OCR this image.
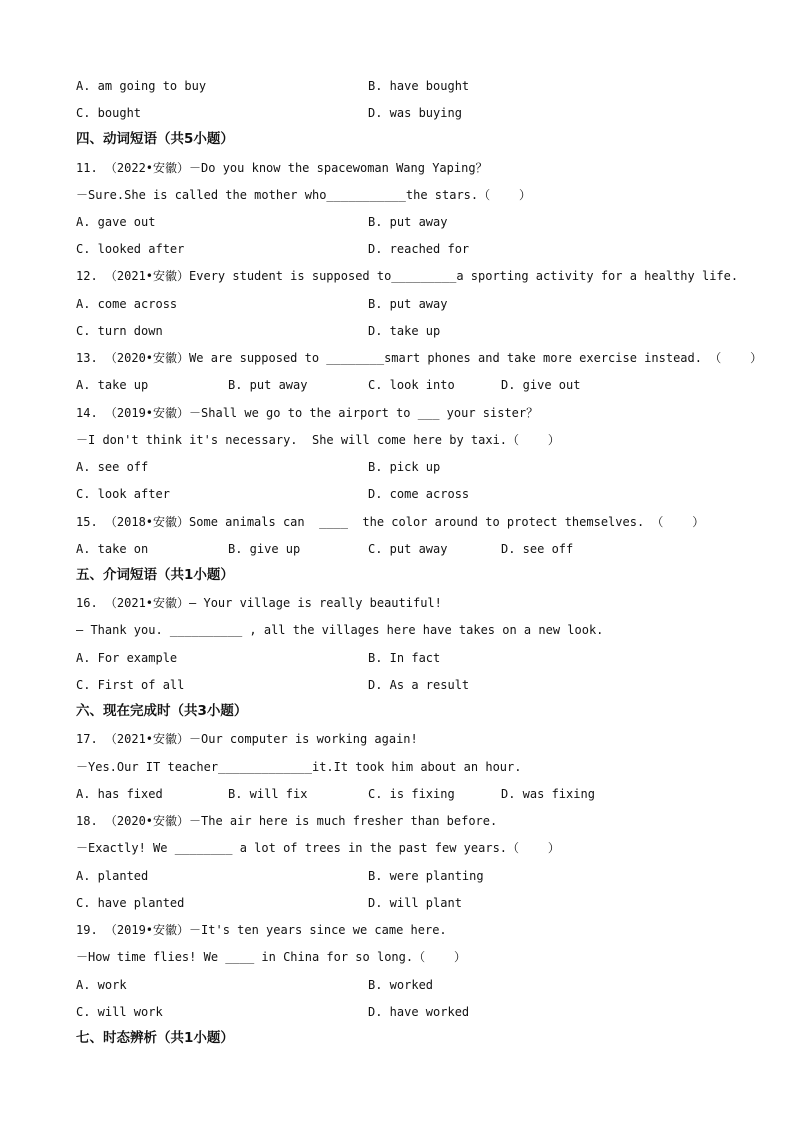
A. am going to buy	B. have bought
C. bought	D. was buying
四、动词短语（共5小题）
11. （2022•安徽）－Do you know the spacewoman Wang Yaping？
－Sure.She is called the mother who___________the stars.（    ）
A. gave out	B. put away
C. looked after	D. reached for
12. （2021•安徽）Every student is supposed to_________a sporting activity for a healthy life.
A. come across	B. put away
C. turn down	D. take up
13. （2020•安徽）We are supposed to ________smart phones and take more exercise instead. （    ）
A. take up	B. put away	C. look into	D. give out
14. （2019•安徽）－Shall we go to the airport to ___ your sister？
－I don't think it's necessary.  She will come here by taxi.（    ）
A. see off	B. pick up
C. look after	D. come across
15. （2018•安徽）Some animals can  ____  the color around to protect themselves. （    ）
A. take on	B. give up	C. put away	D. see off
五、介词短语（共1小题）
16. （2021•安徽）— Your village is really beautiful!
— Thank you. __________ , all the villages here have takes on a new look.
A. For example	B. In fact
C. First of all	D. As a result
六、现在完成时（共3小题）
17. （2021•安徽）－Our computer is working again!
－Yes.Our IT teacher_____________it.It took him about an hour.
A. has fixed	B. will fix	C. is fixing	D. was fixing
18. （2020•安徽）－The air here is much fresher than before.
－Exactly! We ________ a lot of trees in the past few years.（    ）
A. planted	B. were planting
C. have planted	D. will plant
19. （2019•安徽）－It's ten years since we came here.
－How time flies! We ____ in China for so long.（    ）
A. work	B. worked
C. will work	D. have worked
七、时态辨析（共1小题）
